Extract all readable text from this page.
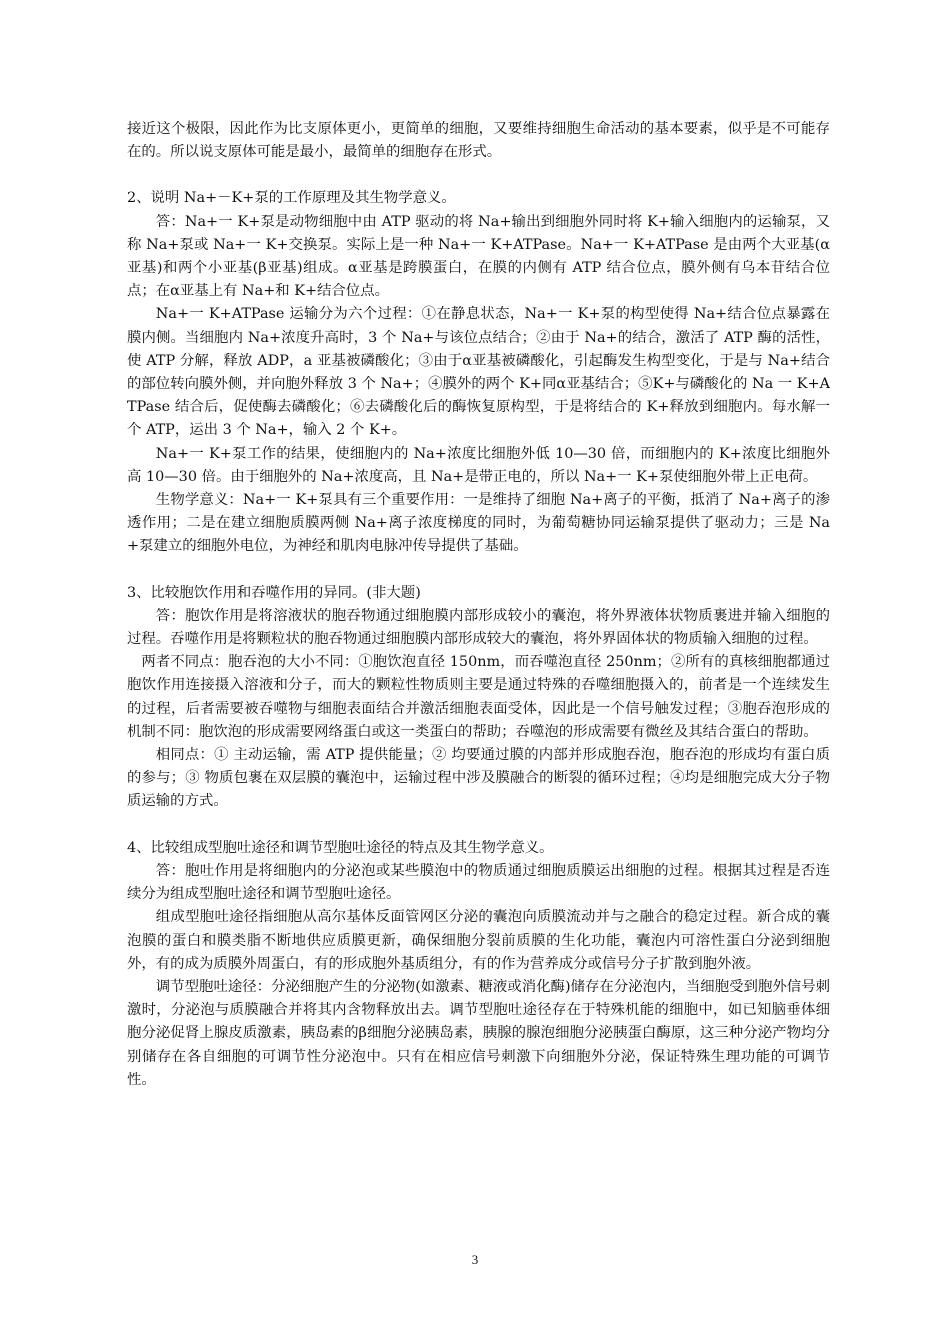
接近这个极限，因此作为比支原体更小，更简单的细胞，又要维持细胞生命活动的基本要素，似乎是不可能存在的。所以说支原体可能是最小，最简单的细胞存在形式。

2、说明 Na+－K+泵的工作原理及其生物学意义。

答：Na+一 K+泵是动物细胞中由 ATP 驱动的将 Na+输出到细胞外同时将 K+输入细胞内的运输泵，又称 Na+泵或 Na+一 K+交换泵。实际上是一种 Na+一 K+ATPase。Na+一 K+ATPase 是由两个大亚基(α亚基)和两个小亚基(β亚基)组成。α亚基是跨膜蛋白，在膜的内侧有 ATP 结合位点，膜外侧有乌本苷结合位点；在α亚基上有 Na+和 K+结合位点。

Na+一 K+ATPase 运输分为六个过程：①在静息状态，Na+一 K+泵的构型使得 Na+结合位点暴露在膜内侧。当细胞内 Na+浓度升高时，3 个 Na+与该位点结合；②由于 Na+的结合，激活了 ATP 酶的活性，使 ATP 分解，释放 ADP，a 亚基被磷酸化；③由于α亚基被磷酸化，引起酶发生构型变化，于是与 Na+结合的部位转向膜外侧，并向胞外释放 3 个 Na+；④膜外的两个 K+同α亚基结合；⑤K+与磷酸化的 Na 一 K+ATPase 结合后，促使酶去磷酸化；⑥去磷酸化后的酶恢复原构型，于是将结合的 K+释放到细胞内。每水解一个 ATP，运出 3 个 Na+，输入 2 个 K+。

Na+一 K+泵工作的结果，使细胞内的 Na+浓度比细胞外低 10—30 倍，而细胞内的 K+浓度比细胞外高 10—30 倍。由于细胞外的 Na+浓度高，且 Na+是带正电的，所以 Na+一 K+泵使细胞外带上正电荷。

生物学意义：Na+一 K+泵具有三个重要作用：一是维持了细胞 Na+离子的平衡，抵消了 Na+离子的渗透作用；二是在建立细胞质膜两侧 Na+离子浓度梯度的同时，为葡萄糖协同运输泵提供了驱动力；三是 Na+泵建立的细胞外电位，为神经和肌肉电脉冲传导提供了基础。

3、比较胞饮作用和吞噬作用的异同。(非大题)

答：胞饮作用是将溶液状的胞吞物通过细胞膜内部形成较小的囊泡，将外界液体状物质裹进并输入细胞的过程。吞噬作用是将颗粒状的胞吞物通过细胞膜内部形成较大的囊泡，将外界固体状的物质输入细胞的过程。

两者不同点：胞吞泡的大小不同：①胞饮泡直径 150nm，而吞噬泡直径 250nm；②所有的真核细胞都通过胞饮作用连接摄入溶液和分子，而大的颗粒性物质则主要是通过特殊的吞噬细胞摄入的，前者是一个连续发生的过程，后者需要被吞噬物与细胞表面结合并激活细胞表面受体，因此是一个信号触发过程；③胞吞泡形成的机制不同：胞饮泡的形成需要网络蛋白或这一类蛋白的帮助；吞噬泡的形成需要有微丝及其结合蛋白的帮助。

相同点：① 主动运输，需 ATP 提供能量；② 均要通过膜的内部并形成胞吞泡，胞吞泡的形成均有蛋白质的参与；③ 物质包裹在双层膜的囊泡中，运输过程中涉及膜融合的断裂的循环过程；④均是细胞完成大分子物质运输的方式。

4、比较组成型胞吐途径和调节型胞吐途径的特点及其生物学意义。

答：胞吐作用是将细胞内的分泌泡或某些膜泡中的物质通过细胞质膜运出细胞的过程。根据其过程是否连续分为组成型胞吐途径和调节型胞吐途径。

组成型胞吐途径指细胞从高尔基体反面管网区分泌的囊泡向质膜流动并与之融合的稳定过程。新合成的囊泡膜的蛋白和膜类脂不断地供应质膜更新，确保细胞分裂前质膜的生化功能，囊泡内可溶性蛋白分泌到细胞外，有的成为质膜外周蛋白，有的形成胞外基质组分，有的作为营养成分或信号分子扩散到胞外液。

调节型胞吐途径：分泌细胞产生的分泌物(如激素、糖液或消化酶)储存在分泌泡内，当细胞受到胞外信号刺激时，分泌泡与质膜融合并将其内含物释放出去。调节型胞吐途径存在于特殊机能的细胞中，如已知脑垂体细胞分泌促肾上腺皮质激素，胰岛素的β细胞分泌胰岛素，胰腺的腺泡细胞分泌胰蛋白酶原，这三种分泌产物均分别储存在各自细胞的可调节性分泌泡中。只有在相应信号刺激下向细胞外分泌，保证特殊生理功能的可调节性。

3
